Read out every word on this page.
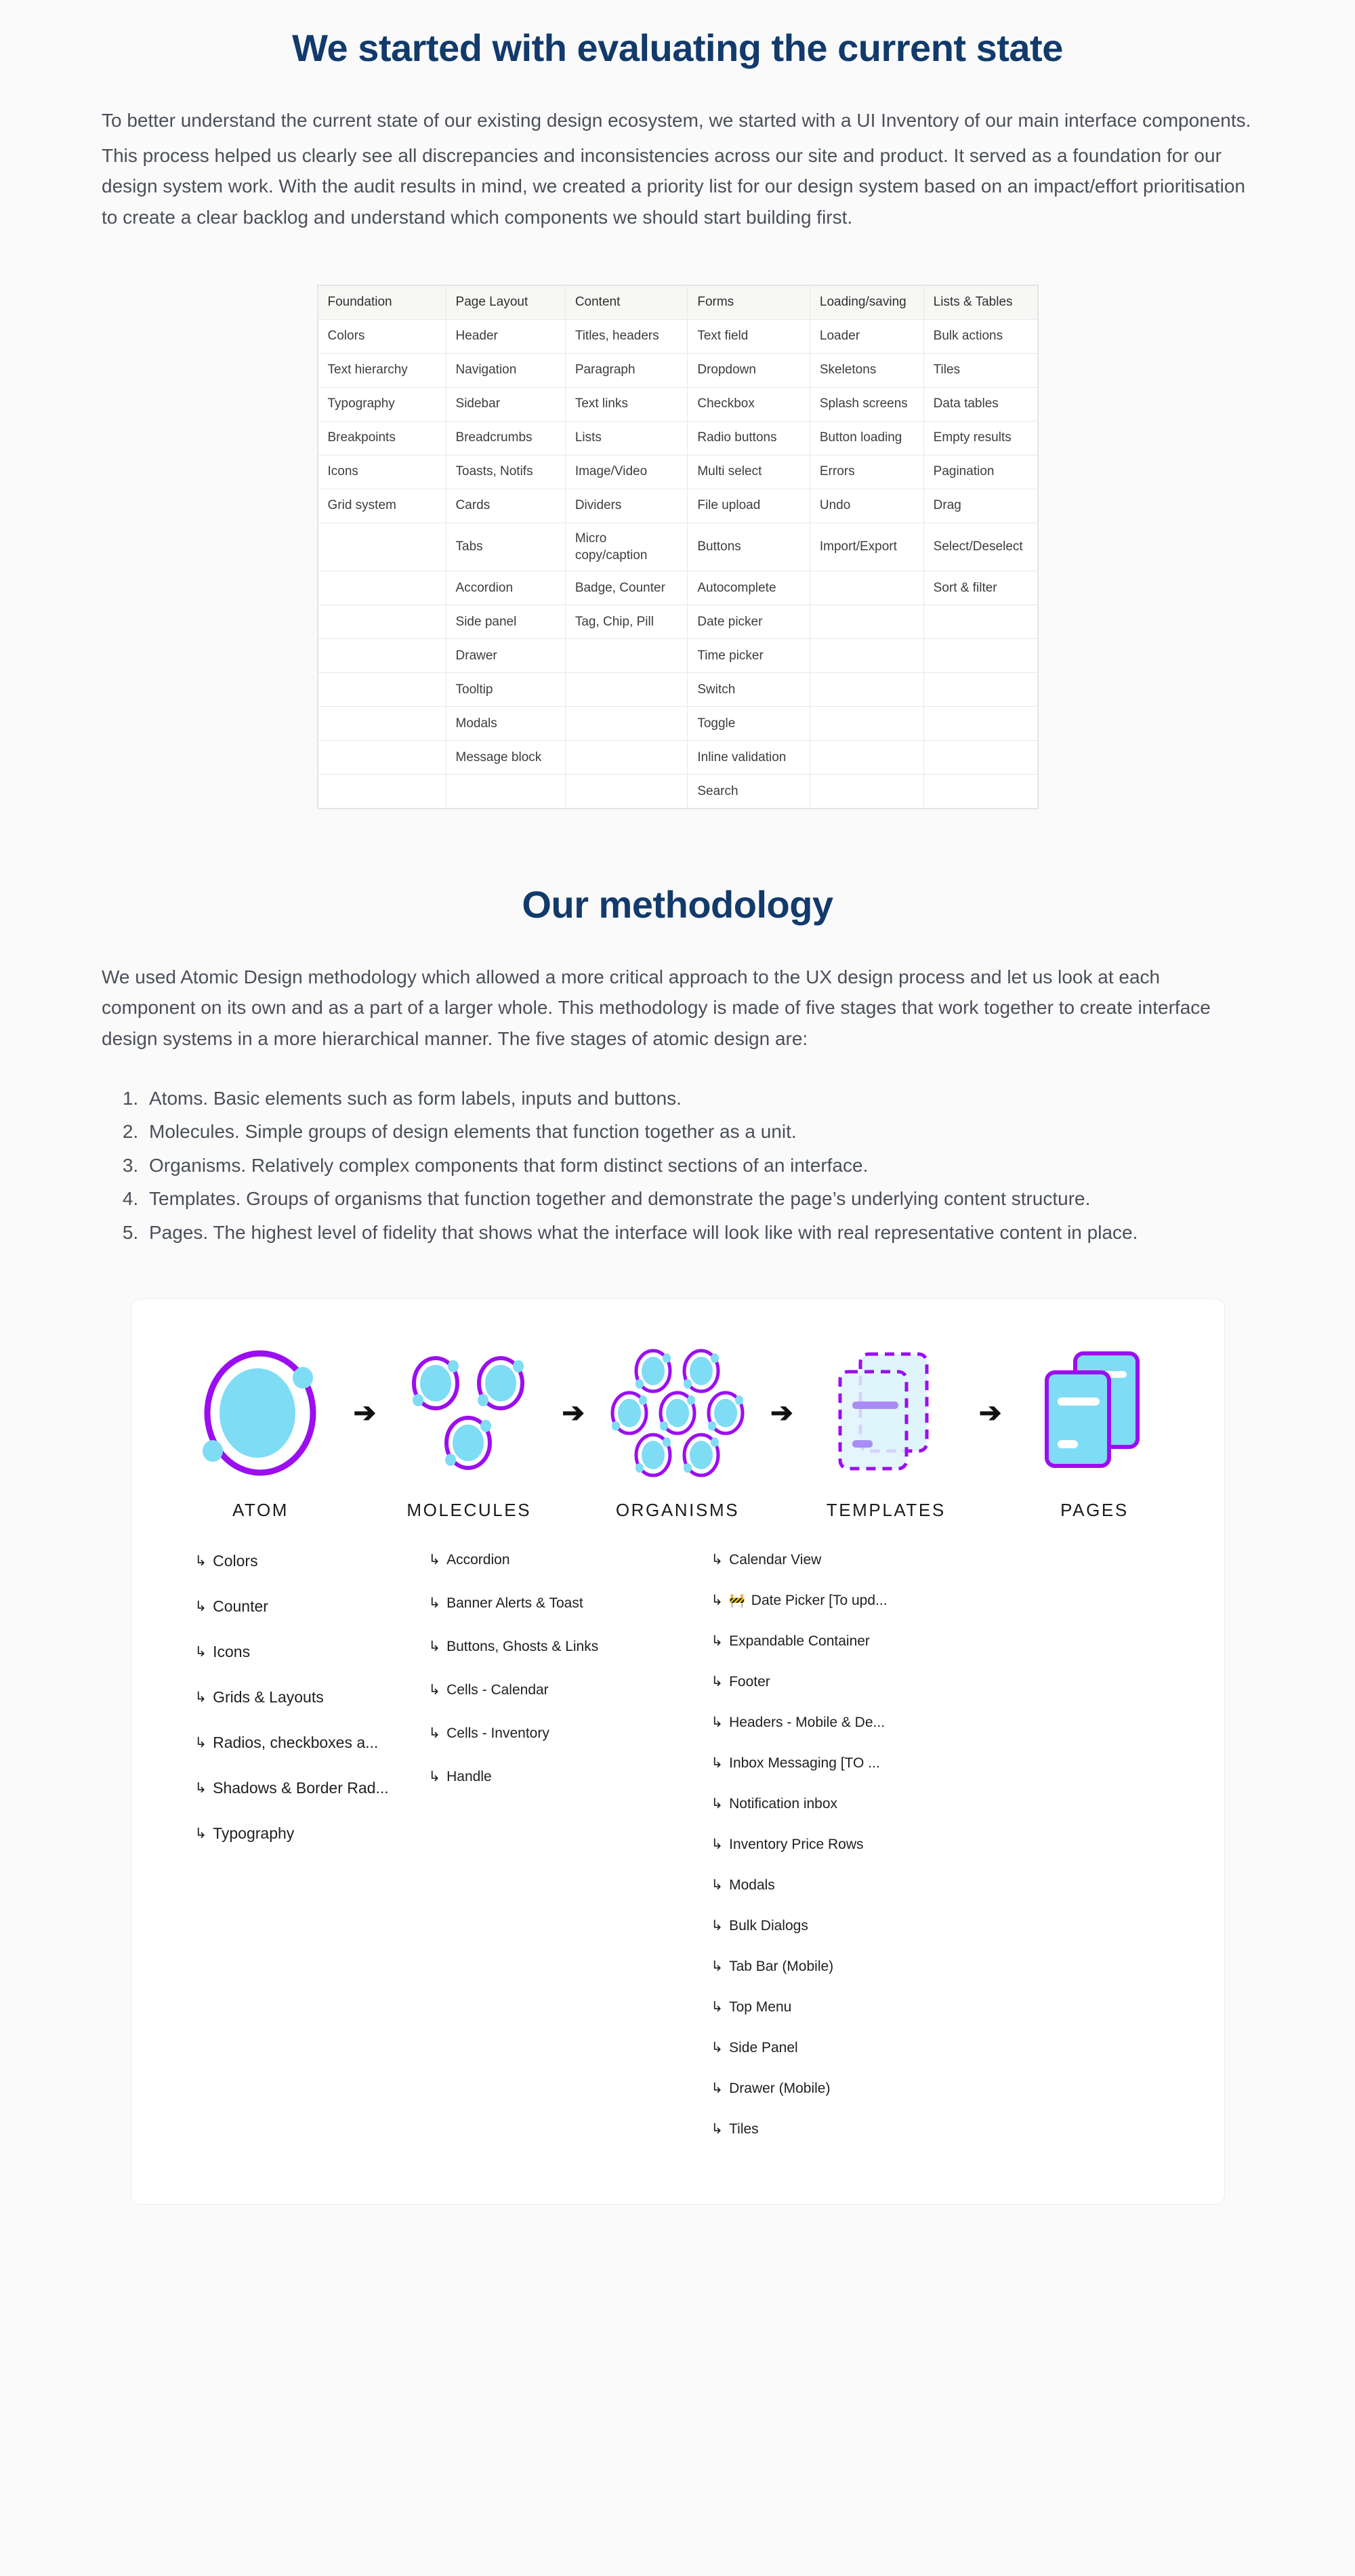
We started with evaluating the current state

To better understand the current state of our existing design ecosystem, we started with a UI Inventory of our main interface components.

This process helped us clearly see all discrepancies and inconsistencies across our site and product. It served as a foundation for our design system work. With the audit results in mind, we created a priority list for our design system based on an impact/effort prioritisation to create a clear backlog and understand which components we should start building first.

Foundation	Page Layout	Content	Forms	Loading/saving	Lists & Tables
Colors	Header	Titles, headers	Text field	Loader	Bulk actions
Text hierarchy	Navigation	Paragraph	Dropdown	Skeletons	Tiles
Typography	Sidebar	Text links	Checkbox	Splash screens	Data tables
Breakpoints	Breadcrumbs	Lists	Radio buttons	Button loading	Empty results
Icons	Toasts, Notifs	Image/Video	Multi select	Errors	Pagination
Grid system	Cards	Dividers	File upload	Undo	Drag
	Tabs	Micro copy/caption	Buttons	Import/Export	Select/Deselect
	Accordion	Badge, Counter	Autocomplete		Sort & filter
	Side panel	Tag, Chip, Pill	Date picker		
	Drawer		Time picker		
	Tooltip		Switch		
	Modals		Toggle		
	Message block		Inline validation		
			Search		
Our methodology

We used Atomic Design methodology which allowed a more critical approach to the UX design process and let us look at each component on its own and as a part of a larger whole. This methodology is made of five stages that work together to create interface design systems in a more hierarchical manner. The five stages of atomic design are:

1. Atoms. Basic elements such as form labels, inputs and buttons.
2. Molecules. Simple groups of design elements that function together as a unit.
3. Organisms. Relatively complex components that form distinct sections of an interface.
4. Templates. Groups of organisms that function together and demonstrate the page’s underlying content structure.
5. Pages. The highest level of fidelity that shows what the interface will look like with real representative content in place.
➔	➔	➔	➔
ATOM	MOLECULES	ORGANISMS	TEMPLATES	PAGES
↳ Colors
↳ Counter
↳ Icons
↳ Grids & Layouts
↳ Radios, checkboxes a...
↳ Shadows & Border Rad...
↳ Typography
↳ Accordion
↳ Banner Alerts & Toast
↳ Buttons, Ghosts & Links
↳ Cells - Calendar
↳ Cells - Inventory
↳ Handle
↳ Calendar View
↳ 🚧 Date Picker [To upd...
↳ Expandable Container
↳ Footer
↳ Headers - Mobile & De...
↳ Inbox Messaging [TO ...
↳ Notification inbox
↳ Inventory Price Rows
↳ Modals
↳ Bulk Dialogs
↳ Tab Bar (Mobile)
↳ Top Menu
↳ Side Panel
↳ Drawer (Mobile)
↳ Tiles
